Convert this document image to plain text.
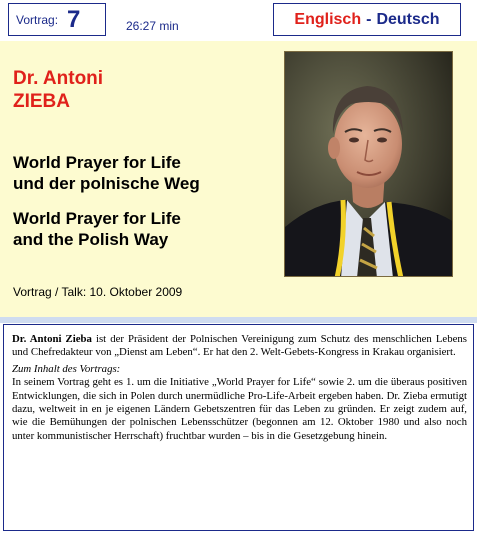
Vortrag: 7	26:27 min	Englisch - Deutsch
Dr. Antoni
ZIEBA
World Prayer for Life
und der polnische Weg
World Prayer for Life
and the Polish Way
Vortrag / Talk: 10. Oktober 2009

Dr. Antoni Zieba ist der Präsident der Polnischen Vereinigung zum Schutz des menschlichen Lebens und Chefredakteur von „Dienst am Leben“. Er hat den 2. Welt-Gebets-Kongress in Krakau organisiert.

Zum Inhalt des Vortrags:

In seinem Vortrag geht es 1. um die Initiative „World Prayer for Life“ sowie 2. um die überaus positiven Entwicklungen, die sich in Polen durch unermüdliche Pro-Life-Arbeit ergeben haben. Dr. Zieba ermutigt dazu, weltweit in en je eigenen Ländern Gebetszentren für das Leben zu gründen. Er zeigt zudem auf, wie die Bemühungen der polnischen Lebensschützer (begonnen am 12. Oktober 1980 und also noch unter kommunistischer Herrschaft) fruchtbar wurden – bis in die Gesetzgebung hinein.
